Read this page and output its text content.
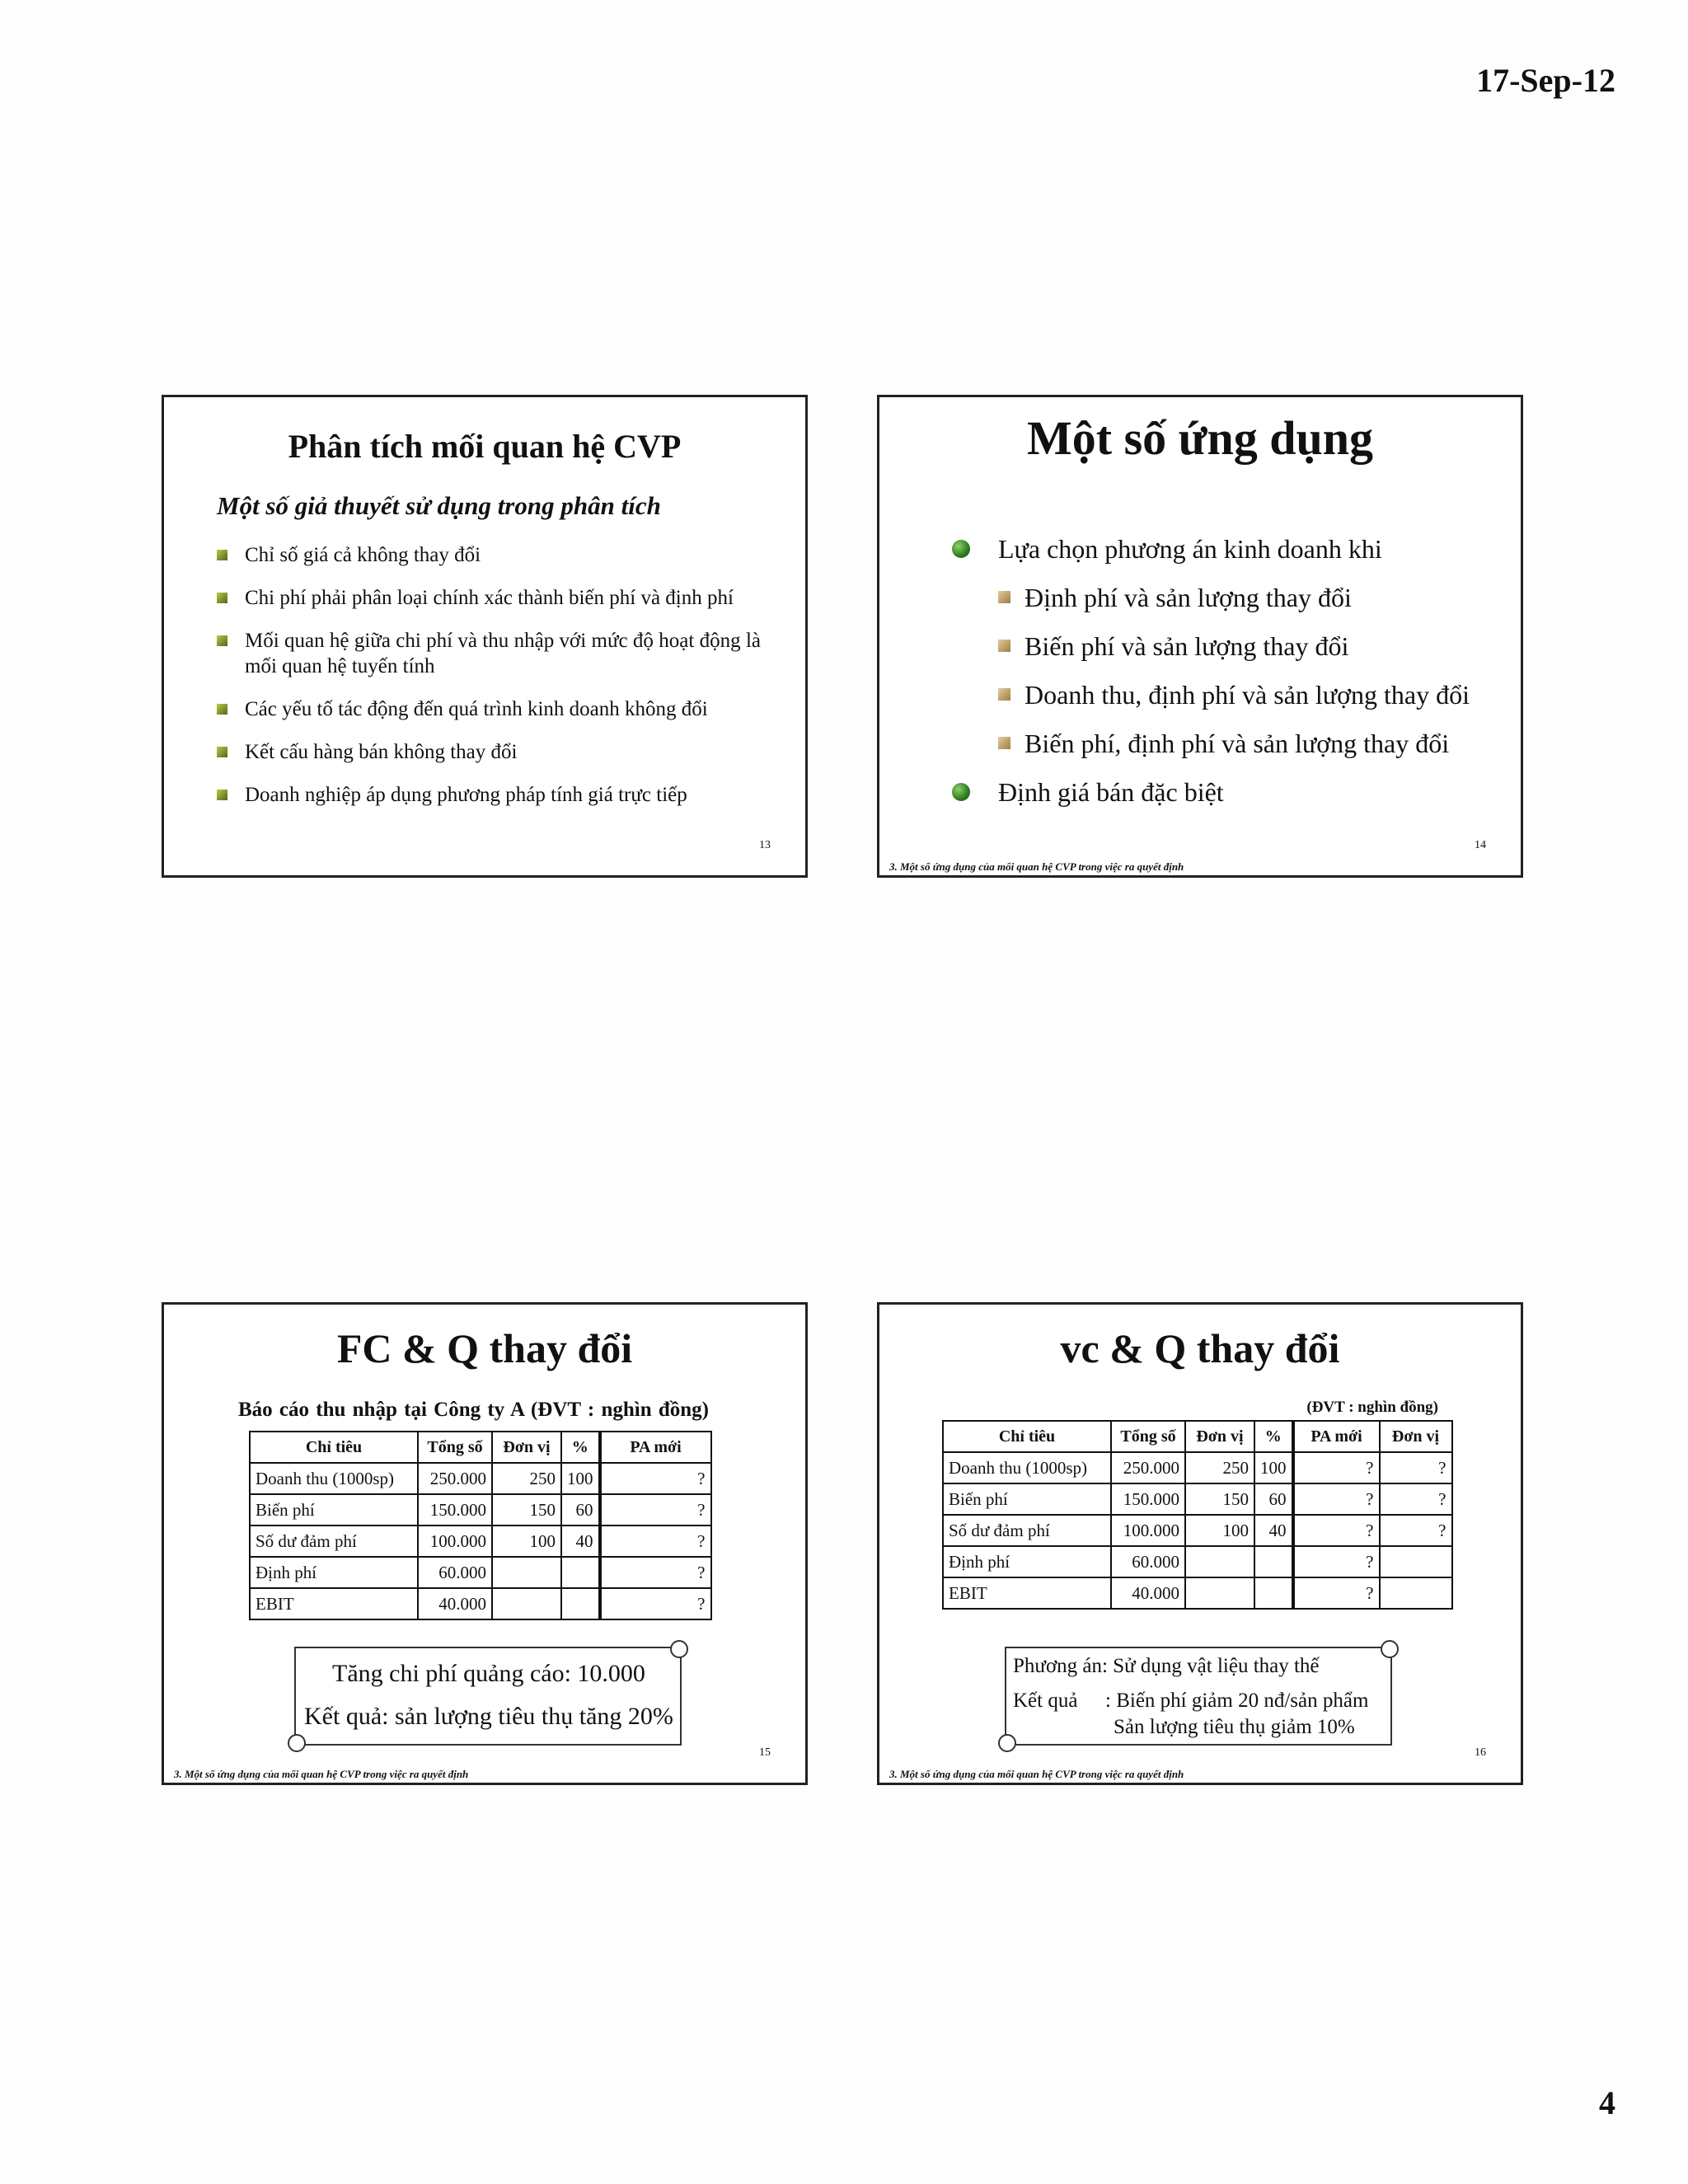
17-Sep-12
Phân tích mối quan hệ CVP
Một số giả thuyết sử dụng trong phân tích
Chỉ số giá cả không thay đổi
Chi phí phải phân loại chính xác thành biến phí và định phí
Mối quan hệ giữa chi phí và thu nhập với mức độ hoạt động là mối quan hệ tuyến tính
Các yếu tố tác động đến quá trình kinh doanh không đổi
Kết cấu hàng bán không thay đổi
Doanh nghiệp áp dụng phương pháp tính giá trực tiếp
13
Một số ứng dụng
Lựa chọn phương án kinh doanh khi
Định phí và sản lượng thay đổi
Biến phí và sản lượng thay đổi
Doanh thu, định phí và sản lượng thay đổi
Biến phí, định phí và sản lượng thay đổi
Định giá bán đặc biệt
14
3. Một số ứng dụng của mối quan hệ CVP trong việc ra quyết định
FC & Q thay đổi
Báo cáo thu nhập tại Công ty A (ĐVT : nghìn đồng)
Chỉ tiêu	Tổng số	Đơn vị	%	PA mới
Doanh thu (1000sp)	250.000	250	100	?
Biến phí	150.000	150	60	?
Số dư đảm phí	100.000	100	40	?
Định phí	60.000			?
EBIT	40.000			?
Tăng chi phí quảng cáo: 10.000
Kết quả: sản lượng tiêu thụ tăng 20%
15
3. Một số ứng dụng của mối quan hệ CVP trong việc ra quyết định
vc & Q thay đổi
(ĐVT : nghìn đồng)
Chỉ tiêu	Tổng số	Đơn vị	%	PA mới	Đơn vị
Doanh thu (1000sp)	250.000	250	100	?	?
Biến phí	150.000	150	60	?	?
Số dư đảm phí	100.000	100	40	?	?
Định phí	60.000			?	
EBIT	40.000			?	
Phương án: Sử dụng vật liệu thay thế
Kết quả : Biến phí giảm 20 nđ/sản phẩm
Sản lượng tiêu thụ giảm 10%
16
3. Một số ứng dụng của mối quan hệ CVP trong việc ra quyết định
4
